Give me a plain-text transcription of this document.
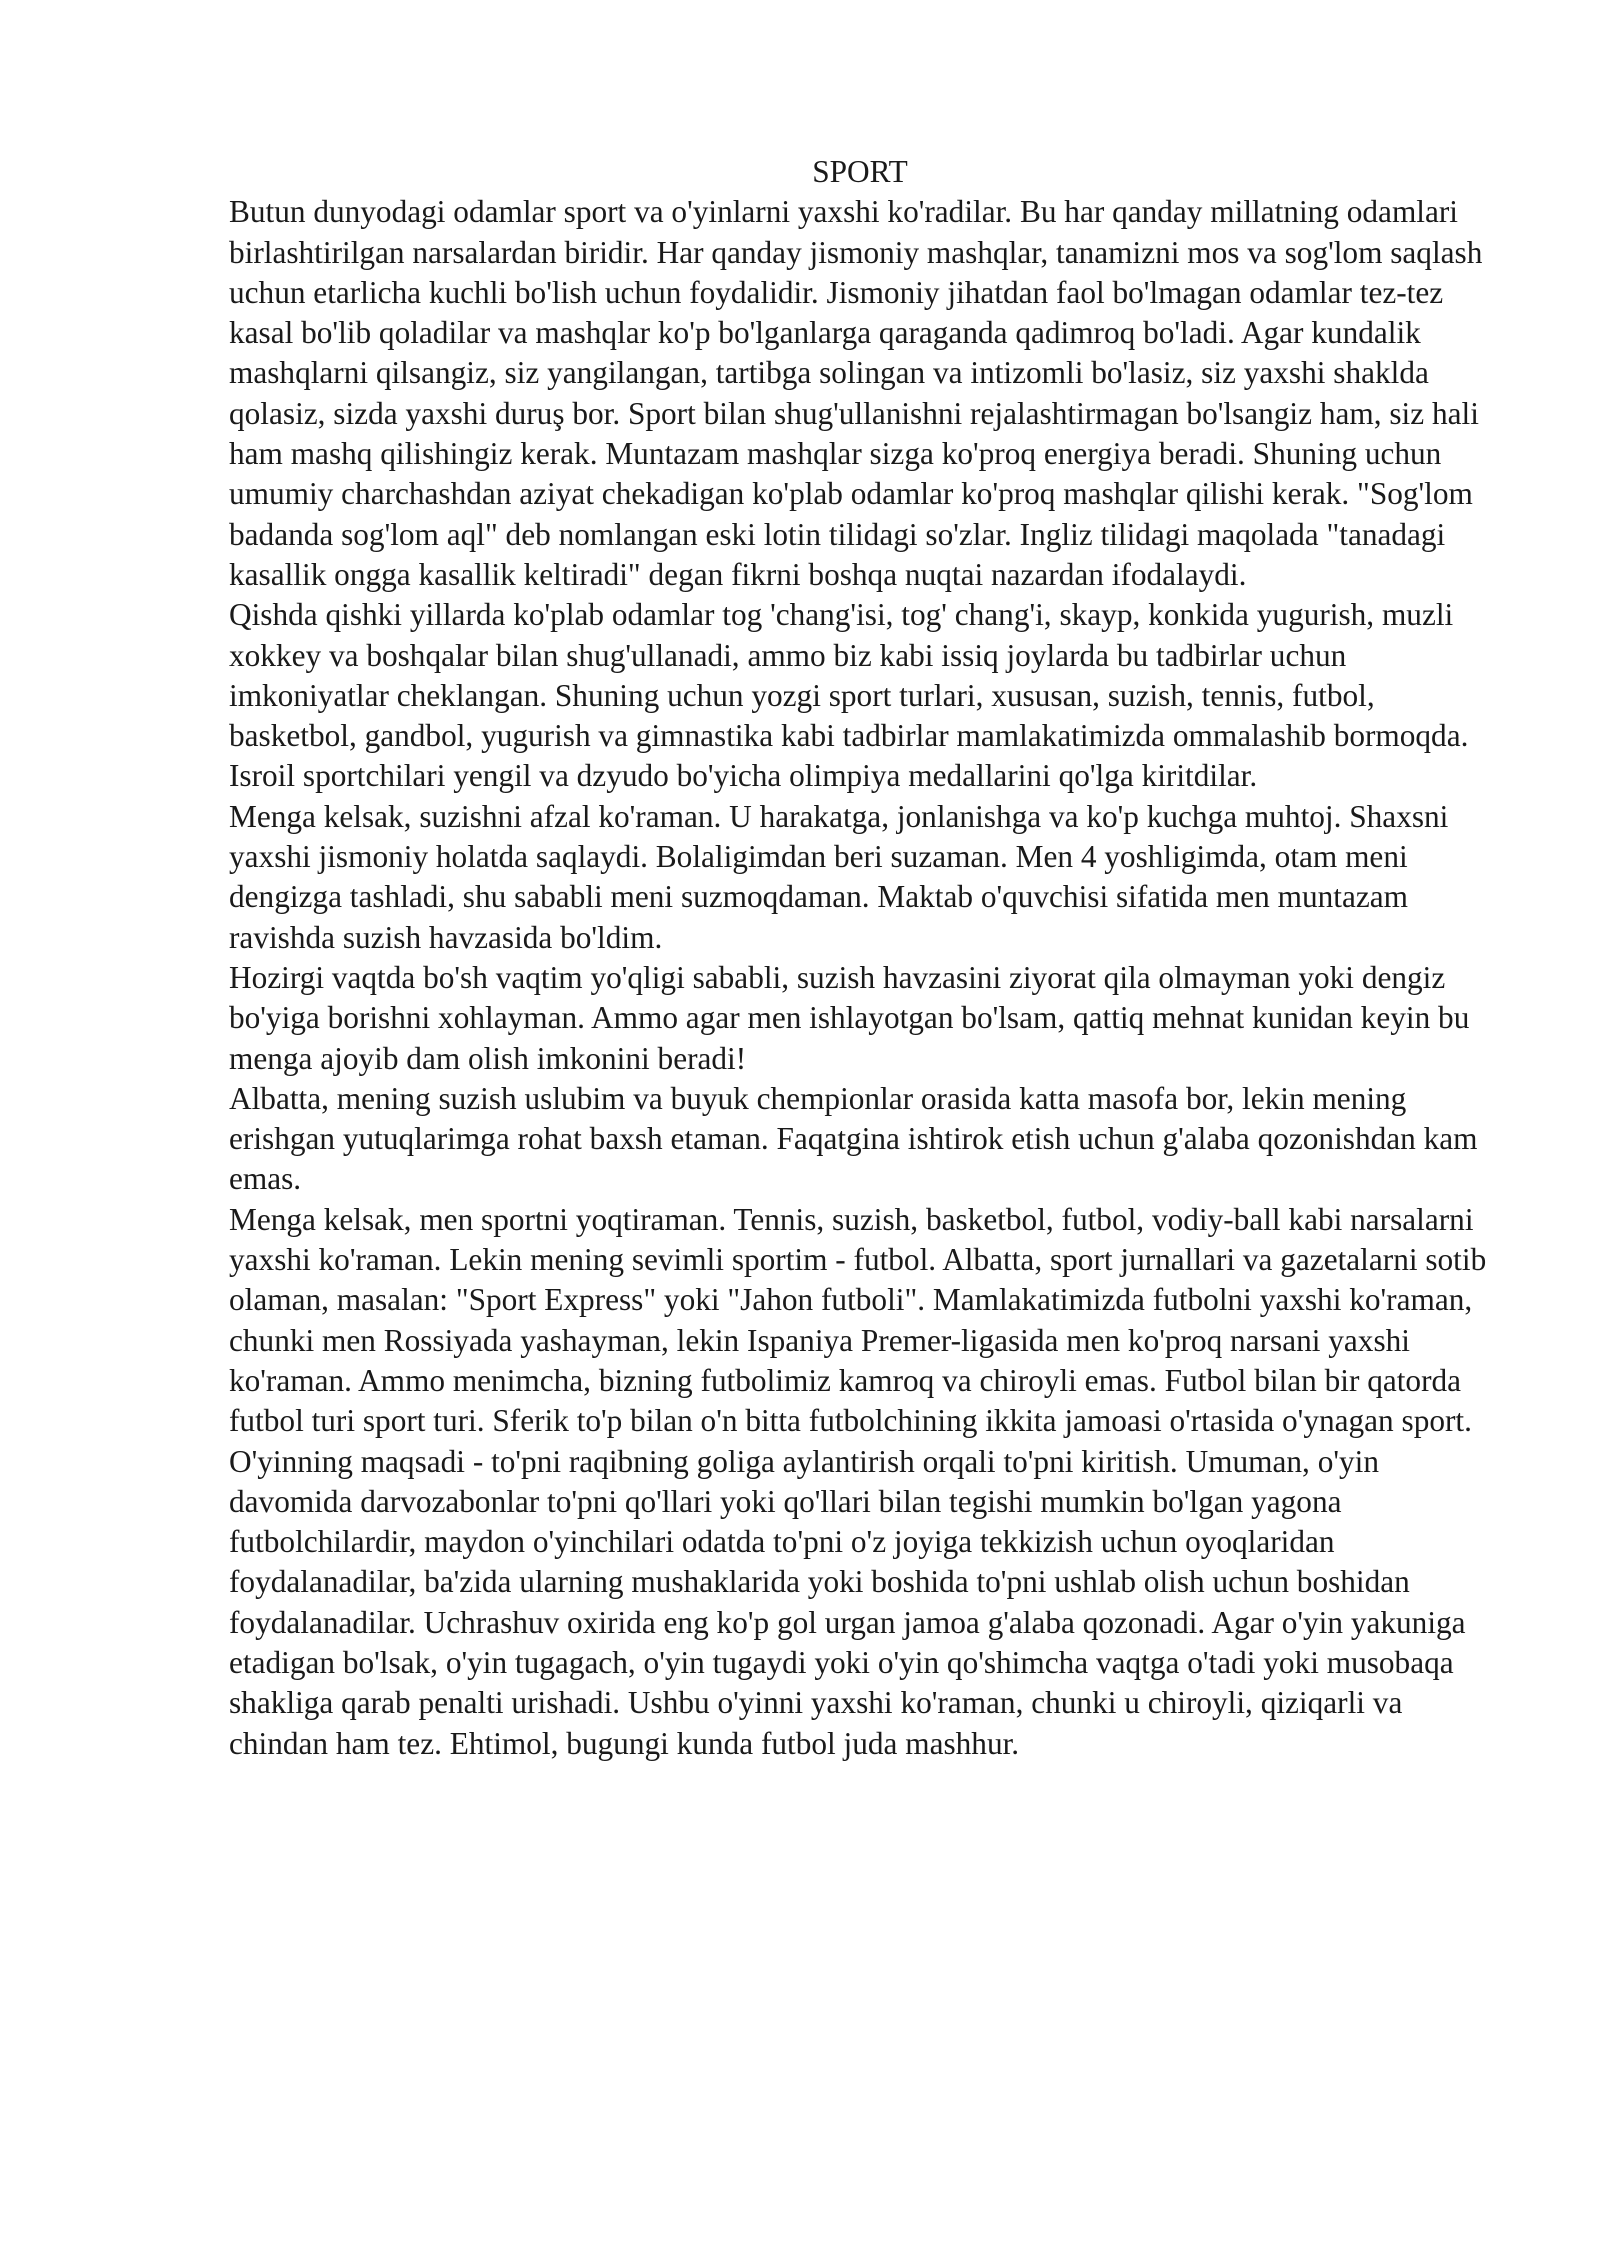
SPORT

Butun dunyodagi odamlar sport va o'yinlarni yaxshi ko'radilar. Bu har qanday millatning odamlari birlashtirilgan narsalardan biridir. Har qanday jismoniy mashqlar, tanamizni mos va sog'lom saqlash uchun etarlicha kuchli bo'lish uchun foydalidir. Jismoniy jihatdan faol bo'lmagan odamlar tez-tez kasal bo'lib qoladilar va mashqlar ko'p bo'lganlarga qaraganda qadimroq bo'ladi. Agar kundalik mashqlarni qilsangiz, siz yangilangan, tartibga solingan va intizomli bo'lasiz, siz yaxshi shaklda qolasiz, sizda yaxshi duruş bor. Sport bilan shug'ullanishni rejalashtirmagan bo'lsangiz ham, siz hali ham mashq qilishingiz kerak. Muntazam mashqlar sizga ko'proq energiya beradi. Shuning uchun umumiy charchashdan aziyat chekadigan ko'plab odamlar ko'proq mashqlar qilishi kerak. "Sog'lom badanda sog'lom aql" deb nomlangan eski lotin tilidagi so'zlar. Ingliz tilidagi maqolada "tanadagi kasallik ongga kasallik keltiradi" degan fikrni boshqa nuqtai nazardan ifodalaydi.

Qishda qishki yillarda ko'plab odamlar tog 'chang'isi, tog' chang'i, skayp, konkida yugurish, muzli xokkey va boshqalar bilan shug'ullanadi, ammo biz kabi issiq joylarda bu tadbirlar uchun imkoniyatlar cheklangan. Shuning uchun yozgi sport turlari, xususan, suzish, tennis, futbol, basketbol, gandbol, yugurish va gimnastika kabi tadbirlar mamlakatimizda ommalashib bormoqda. Isroil sportchilari yengil va dzyudo bo'yicha olimpiya medallarini qo'lga kiritdilar.

Menga kelsak, suzishni afzal ko'raman. U harakatga, jonlanishga va ko'p kuchga muhtoj. Shaxsni yaxshi jismoniy holatda saqlaydi. Bolaligimdan beri suzaman. Men 4 yoshligimda, otam meni dengizga tashladi, shu sababli meni suzmoqdaman. Maktab o'quvchisi sifatida men muntazam ravishda suzish havzasida bo'ldim.

Hozirgi vaqtda bo'sh vaqtim yo'qligi sababli, suzish havzasini ziyorat qila olmayman yoki dengiz bo'yiga borishni xohlayman. Ammo agar men ishlayotgan bo'lsam, qattiq mehnat kunidan keyin bu menga ajoyib dam olish imkonini beradi!

Albatta, mening suzish uslubim va buyuk chempionlar orasida katta masofa bor, lekin mening erishgan yutuqlarimga rohat baxsh etaman. Faqatgina ishtirok etish uchun g'alaba qozonishdan kam emas.

Menga kelsak, men sportni yoqtiraman. Tennis, suzish, basketbol, futbol, vodiy-ball kabi narsalarni yaxshi ko'raman. Lekin mening sevimli sportim - futbol. Albatta, sport jurnallari va gazetalarni sotib olaman, masalan: "Sport Express" yoki "Jahon futboli". Mamlakatimizda futbolni yaxshi ko'raman, chunki men Rossiyada yashayman, lekin Ispaniya Premer-ligasida men ko'proq narsani yaxshi ko'raman. Ammo menimcha, bizning futbolimiz kamroq va chiroyli emas. Futbol bilan bir qatorda futbol turi sport turi. Sferik to'p bilan o'n bitta futbolchining ikkita jamoasi o'rtasida o'ynagan sport. O'yinning maqsadi - to'pni raqibning goliga aylantirish orqali to'pni kiritish. Umuman, o'yin davomida darvozabonlar to'pni qo'llari yoki qo'llari bilan tegishi mumkin bo'lgan yagona futbolchilardir, maydon o'yinchilari odatda to'pni o'z joyiga tekkizish uchun oyoqlaridan foydalanadilar, ba'zida ularning mushaklarida yoki boshida to'pni ushlab olish uchun boshidan foydalanadilar. Uchrashuv oxirida eng ko'p gol urgan jamoa g'alaba qozonadi. Agar o'yin yakuniga etadigan bo'lsak, o'yin tugagach, o'yin tugaydi yoki o'yin qo'shimcha vaqtga o'tadi yoki musobaqa shakliga qarab penalti urishadi. Ushbu o'yinni yaxshi ko'raman, chunki u chiroyli, qiziqarli va chindan ham tez. Ehtimol, bugungi kunda futbol juda mashhur.
